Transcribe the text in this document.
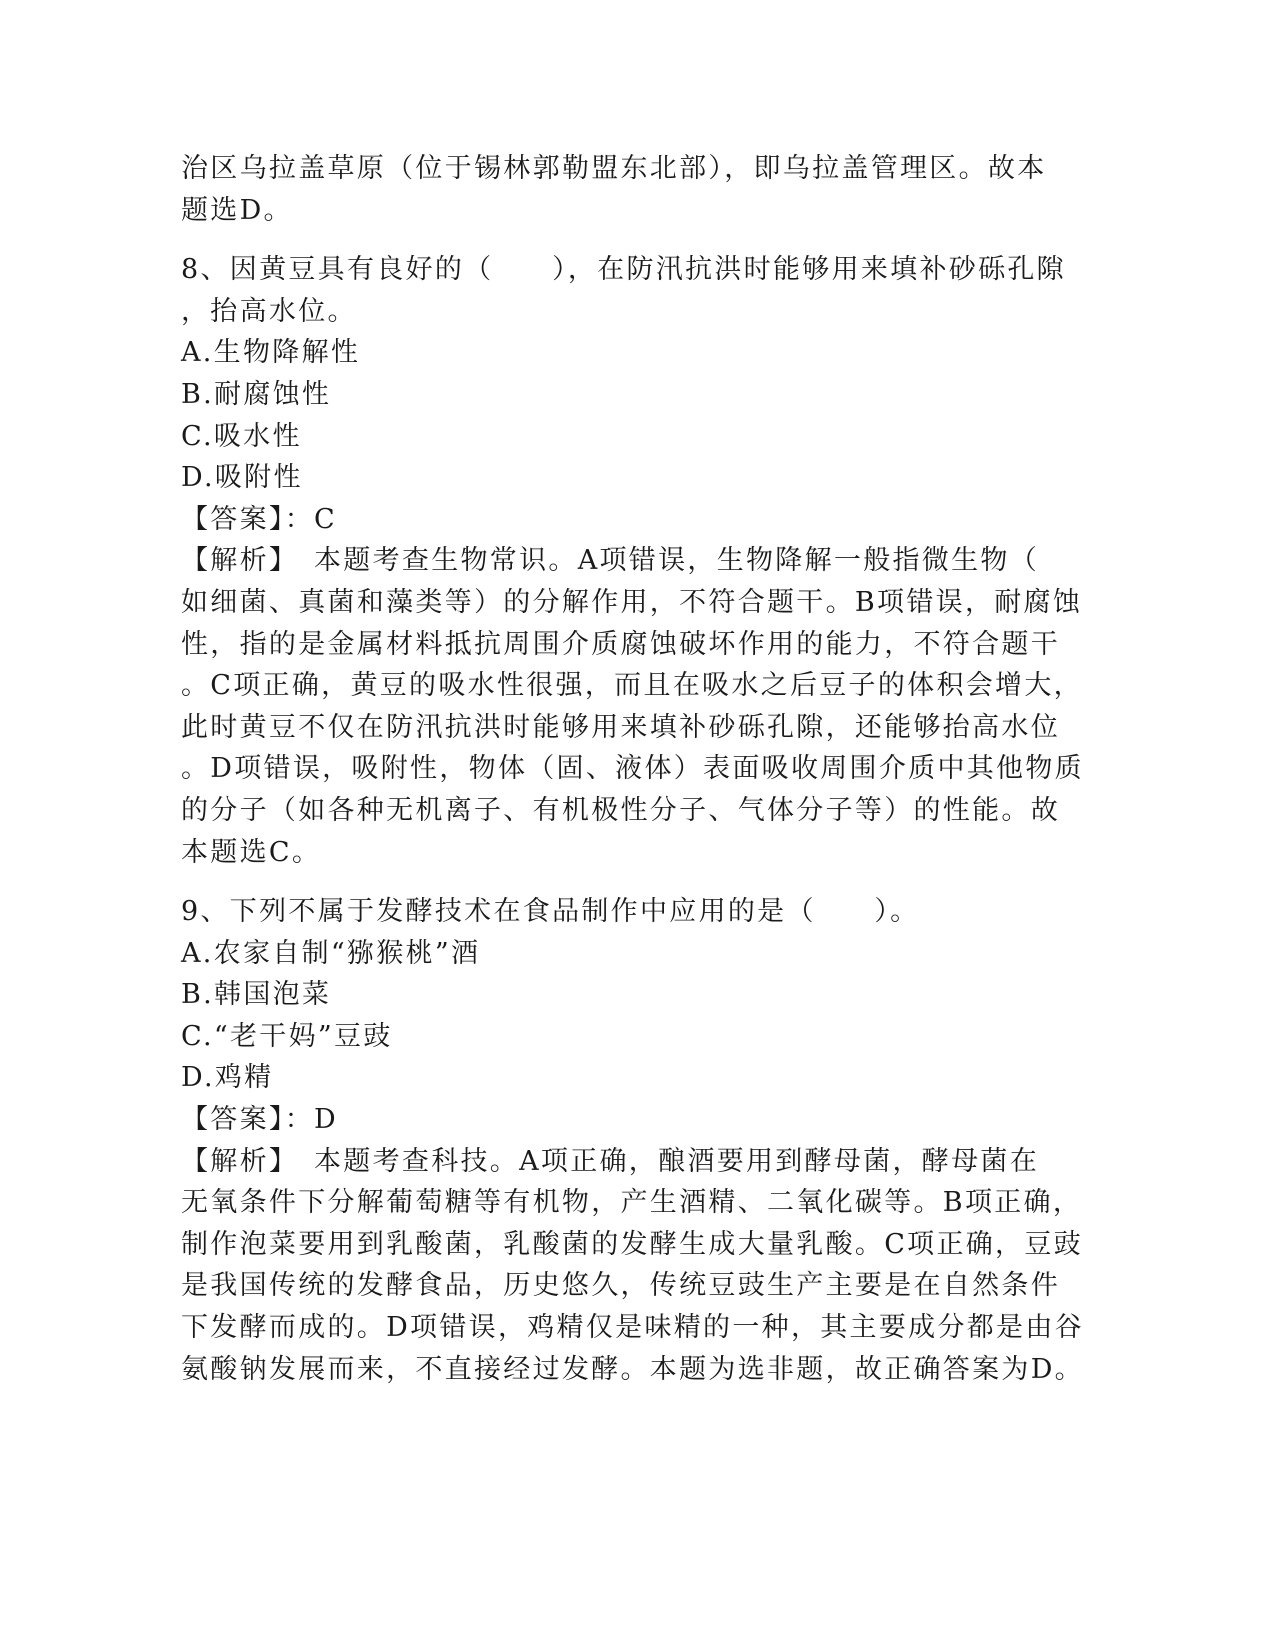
治区乌拉盖草原（位于锡林郭勒盟东北部），即乌拉盖管理区。故本
题选D。
8、因黄豆具有良好的（　　），在防汛抗洪时能够用来填补砂砾孔隙
，抬高水位。
A.生物降解性
B.耐腐蚀性
C.吸水性
D.吸附性
【答案】：C
【解析】　本题考查生物常识。A项错误，生物降解一般指微生物（
如细菌、真菌和藻类等）的分解作用，不符合题干。B项错误，耐腐蚀
性，指的是金属材料抵抗周围介质腐蚀破坏作用的能力，不符合题干
。C项正确，黄豆的吸水性很强，而且在吸水之后豆子的体积会增大，
此时黄豆不仅在防汛抗洪时能够用来填补砂砾孔隙，还能够抬高水位
。D项错误，吸附性，物体（固、液体）表面吸收周围介质中其他物质
的分子（如各种无机离子、有机极性分子、气体分子等）的性能。故
本题选C。
9、下列不属于发酵技术在食品制作中应用的是（　　）。
A.农家自制“猕猴桃”酒
B.韩国泡菜
C.“老干妈”豆豉
D.鸡精
【答案】：D
【解析】　本题考查科技。A项正确，酿酒要用到酵母菌，酵母菌在
无氧条件下分解葡萄糖等有机物，产生酒精、二氧化碳等。B项正确，
制作泡菜要用到乳酸菌，乳酸菌的发酵生成大量乳酸。C项正确，豆豉
是我国传统的发酵食品，历史悠久，传统豆豉生产主要是在自然条件
下发酵而成的。D项错误，鸡精仅是味精的一种，其主要成分都是由谷
氨酸钠发展而来，不直接经过发酵。本题为选非题，故正确答案为D。
